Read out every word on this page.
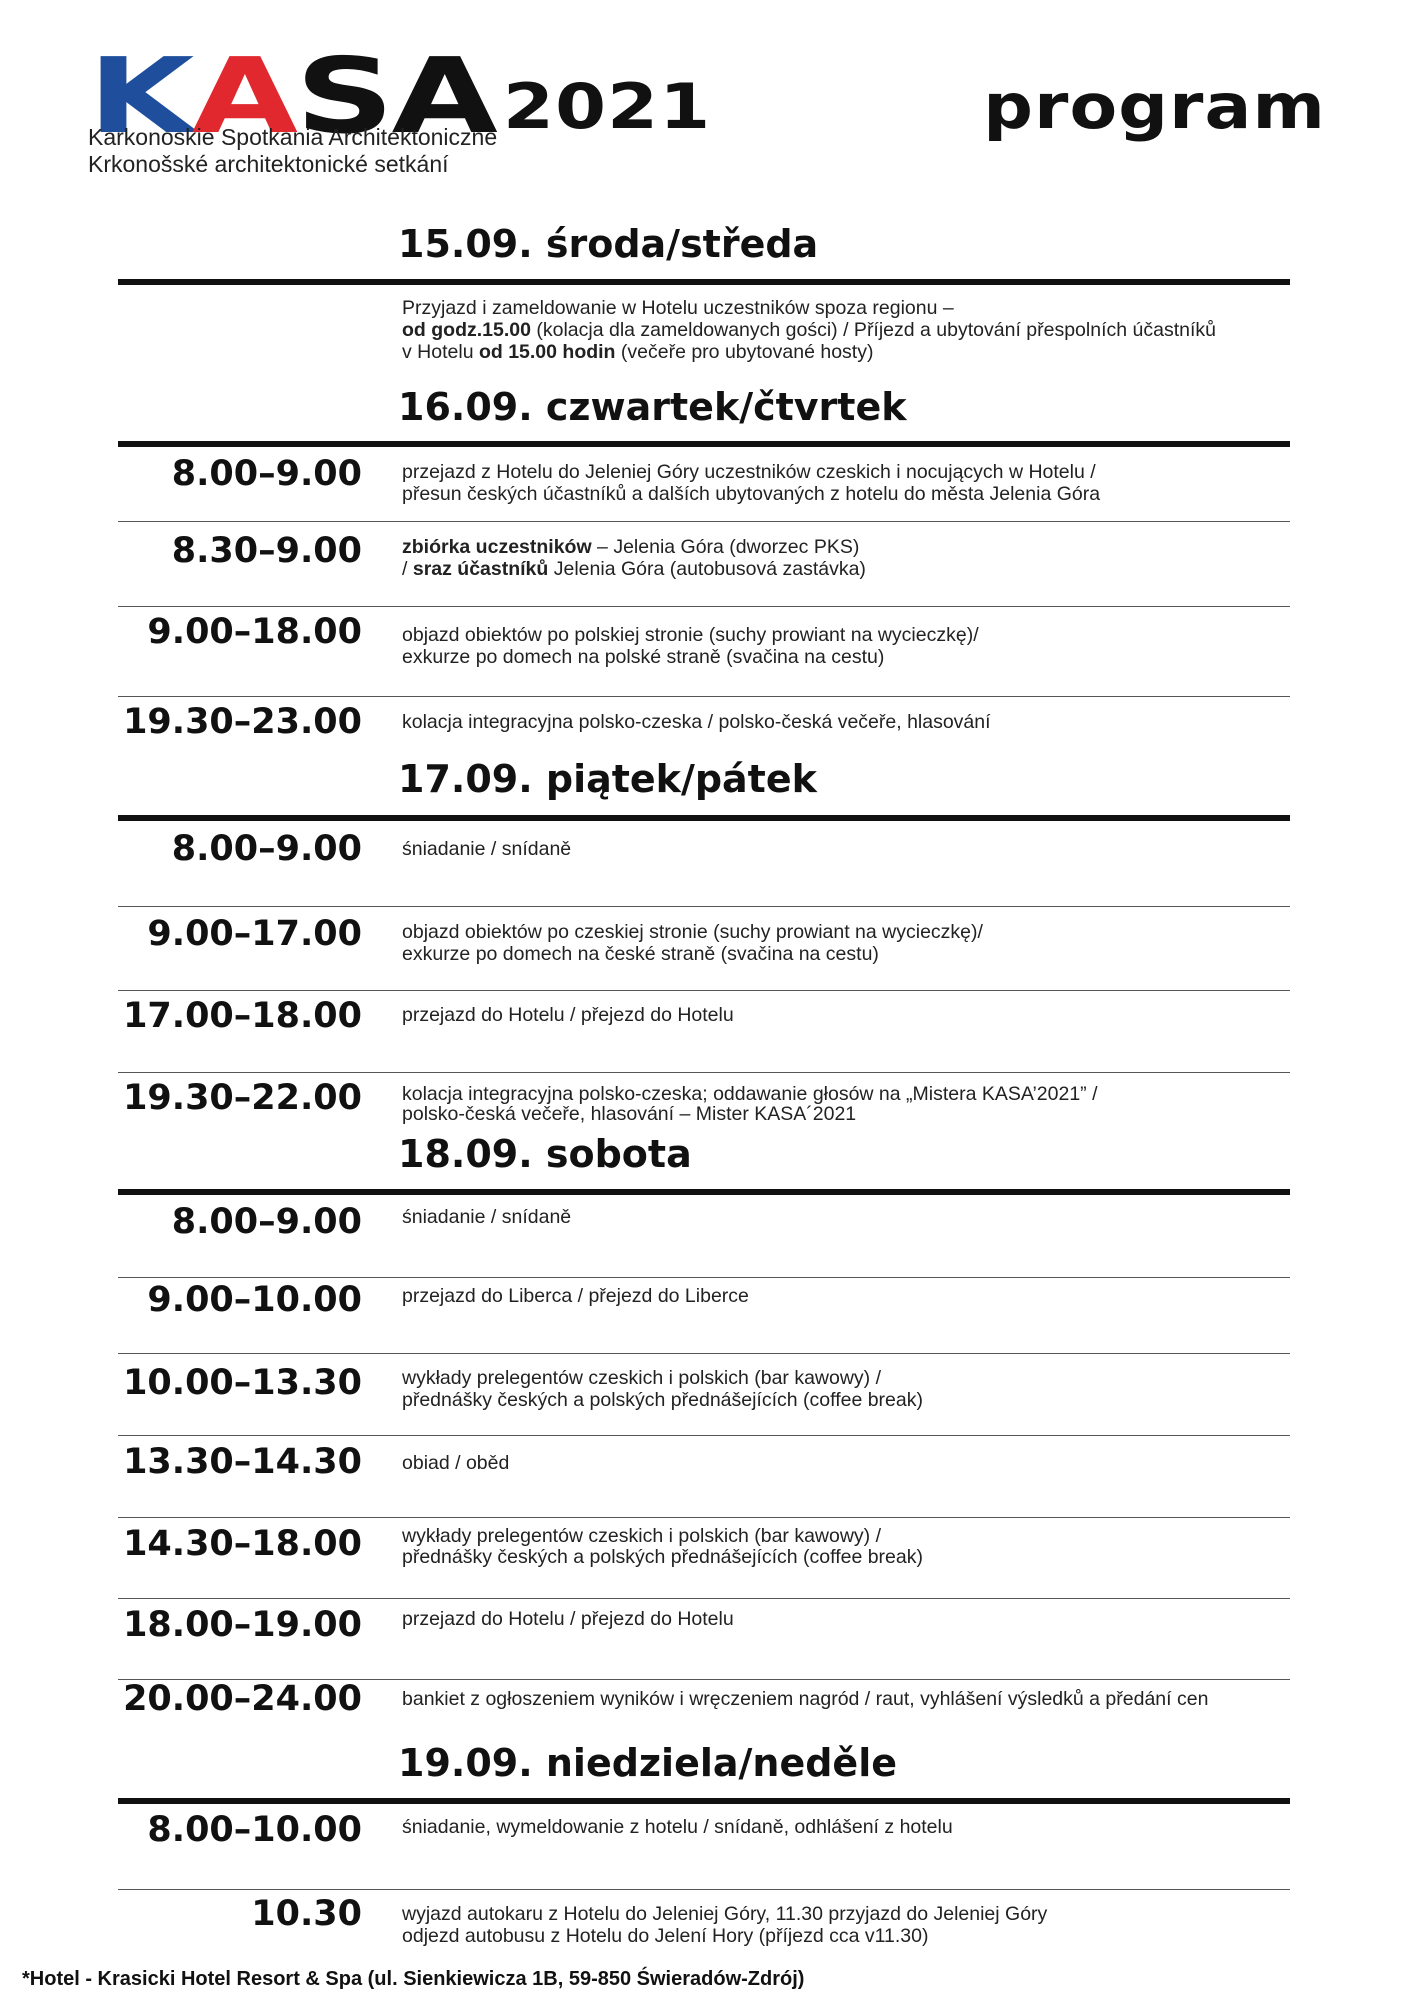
KASA 2021
Karkonoskie Spotkania Architektoniczne
Krkonošské architektonické setkání
program
15.09. środa/středa
Przyjazd i zameldowanie w Hotelu uczestników spoza regionu –
od godz.15.00 (kolacja dla zameldowanych gości) / Příjezd a ubytování přespolních účastníků
v Hotelu od 15.00 hodin (večeře pro ubytované hosty)
16.09. czwartek/čtvrtek
8.00–9.00 przejazd z Hotelu do Jeleniej Góry uczestników czeskich i nocujących w Hotelu /
přesun českých účastníků a dalších ubytovaných z hotelu do města Jelenia Góra
8.30–9.00 zbiórka uczestników – Jelenia Góra (dworzec PKS)
/ sraz účastníků Jelenia Góra (autobusová zastávka)
9.00–18.00 objazd obiektów po polskiej stronie (suchy prowiant na wycieczkę)/
exkurze po domech na polské straně (svačina na cestu)
19.30–23.00 kolacja integracyjna polsko-czeska / polsko-česká večeře, hlasování
17.09. piątek/pátek
8.00–9.00 śniadanie / snídaně
9.00–17.00 objazd obiektów po czeskiej stronie (suchy prowiant na wycieczkę)/
exkurze po domech na české straně (svačina na cestu)
17.00–18.00 przejazd do Hotelu / přejezd do Hotelu
19.30–22.00 kolacja integracyjna polsko-czeska; oddawanie głosów na „Mistera KASA’2021” /
polsko-česká večeře, hlasování – Mister KASA´2021
18.09. sobota
8.00–9.00 śniadanie / snídaně
9.00–10.00 przejazd do Liberca / přejezd do Liberce
10.00–13.30 wykłady prelegentów czeskich i polskich (bar kawowy) /
přednášky českých a polských přednášejících (coffee break)
13.30–14.30 obiad / oběd
14.30–18.00 wykłady prelegentów czeskich i polskich (bar kawowy) /
přednášky českých a polských přednášejících (coffee break)
18.00–19.00 przejazd do Hotelu / přejezd do Hotelu
20.00–24.00 bankiet z ogłoszeniem wyników i wręczeniem nagród / raut, vyhlášení výsledků a předání cen
19.09. niedziela/neděle
8.00–10.00 śniadanie, wymeldowanie z hotelu / snídaně, odhlášení z hotelu
10.30 wyjazd autokaru z Hotelu do Jeleniej Góry, 11.30 przyjazd do Jeleniej Góry
odjezd autobusu z Hotelu do Jelení Hory (příjezd cca v11.30)
*Hotel - Krasicki Hotel Resort & Spa (ul. Sienkiewicza 1B, 59-850 Świeradów-Zdrój)
